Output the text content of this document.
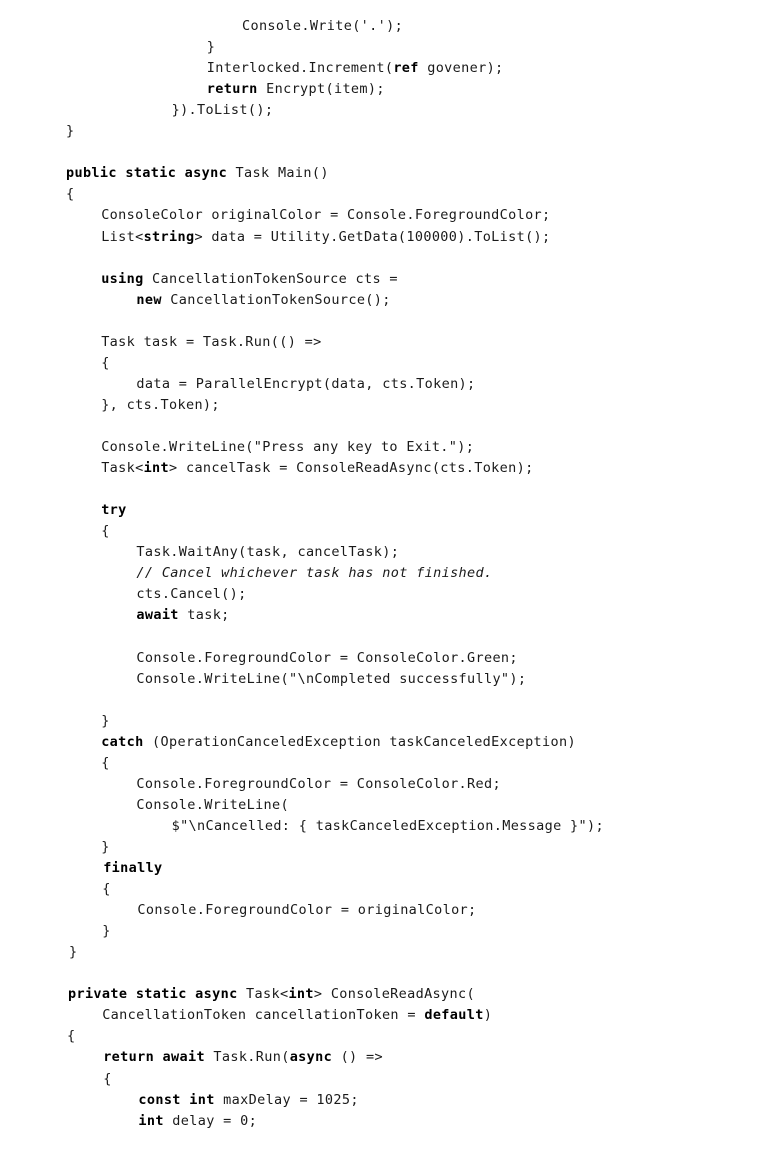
Console.Write('.');
}
Interlocked.Increment(ref govener);
return Encrypt(item);
}).ToList();
}
public static async Task Main()
{
ConsoleColor originalColor = Console.ForegroundColor;
List<string> data = Utility.GetData(100000).ToList();
using CancellationTokenSource cts =
new CancellationTokenSource();
Task task = Task.Run(() =>
{
data = ParallelEncrypt(data, cts.Token);
}, cts.Token);
Console.WriteLine("Press any key to Exit.");
Task<int> cancelTask = ConsoleReadAsync(cts.Token);
try
{
Task.WaitAny(task, cancelTask);
// Cancel whichever task has not finished.
cts.Cancel();
await task;
Console.ForegroundColor = ConsoleColor.Green;
Console.WriteLine("\nCompleted successfully");
}
catch (OperationCanceledException taskCanceledException)
{
Console.ForegroundColor = ConsoleColor.Red;
Console.WriteLine(
$"\nCancelled: { taskCanceledException.Message }");
}
finally
{
Console.ForegroundColor = originalColor;
}
}
private static async Task<int> ConsoleReadAsync(
CancellationToken cancellationToken = default)
{
return await Task.Run(async () =>
{
const int maxDelay = 1025;
int delay = 0;
